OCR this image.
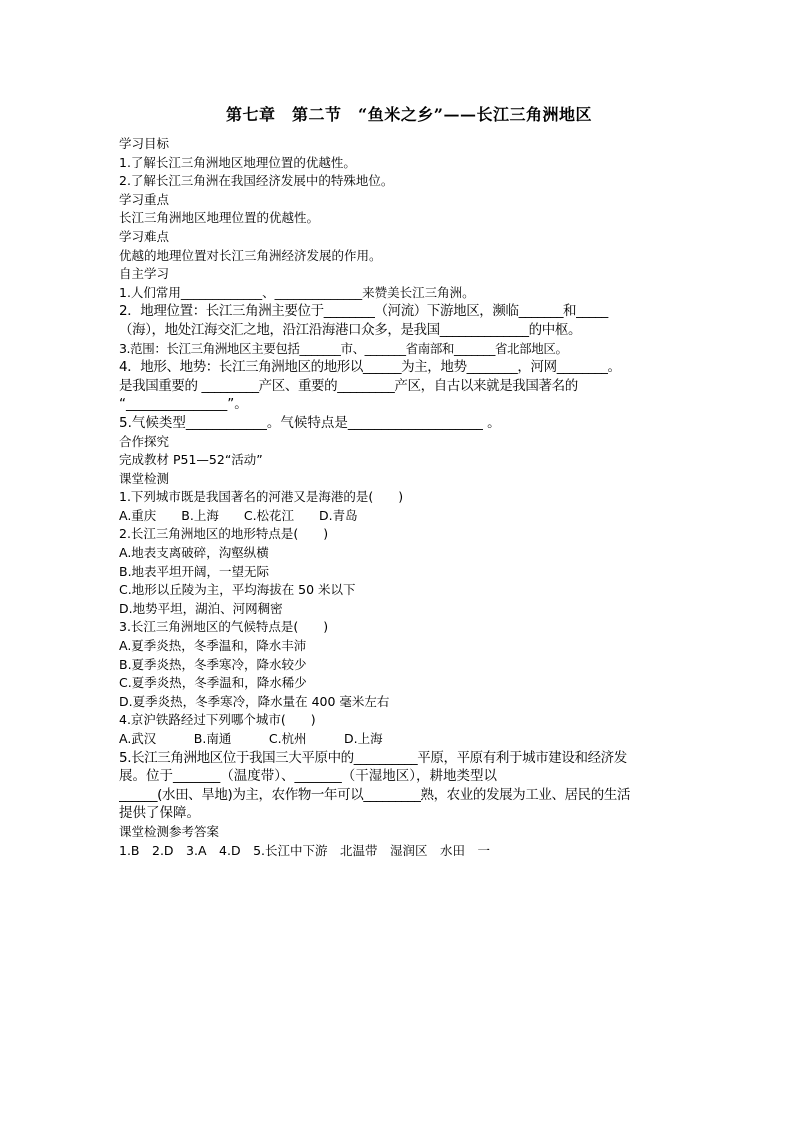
第七章　第二节　“鱼米之乡”——长江三角洲地区
学习目标
1.了解长江三角洲地区地理位置的优越性。
2.了解长江三角洲在我国经济发展中的特殊地位。
学习重点
长江三角洲地区地理位置的优越性。
学习难点
优越的地理位置对长江三角洲经济发展的作用。
自主学习
1.人们常用_____________、______________来赞美长江三角洲。
2．地理位置：长江三角洲主要位于________（河流）下游地区，濒临_______和_____
（海），地处江海交汇之地，沿江沿海港口众多，是我国______________的中枢。
3.范围：长江三角洲地区主要包括_______市、_______省南部和_______省北部地区。
4．地形、地势：长江三角洲地区的地形以______为主，地势________，河网________。
是我国重要的 _________产区、重要的_________产区，自古以来就是我国著名的
“_______________”。
5.气候类型____________。气候特点是____________________ 。
合作探究
完成教材 P51—52“活动”
课堂检测
1.下列城市既是我国著名的河港又是海港的是(　　)
A.重庆　　B.上海　　C.松花江　　D.青岛
2.长江三角洲地区的地形特点是(　　)
A.地表支离破碎，沟壑纵横
B.地表平坦开阔，一望无际
C.地形以丘陵为主，平均海拔在 50 米以下
D.地势平坦，湖泊、河网稠密
3.长江三角洲地区的气候特点是(　　)
A.夏季炎热，冬季温和，降水丰沛
B.夏季炎热，冬季寒冷，降水较少
C.夏季炎热，冬季温和，降水稀少
D.夏季炎热，冬季寒冷，降水量在 400 毫米左右
4.京沪铁路经过下列哪个城市(　　)
A.武汉　　　B.南通　　　C.杭州　　　D.上海
5.长江三角洲地区位于我国三大平原中的__________平原，平原有利于城市建设和经济发
展。位于_______（温度带）、_______（干湿地区），耕地类型以
______(水田、旱地)为主，农作物一年可以_________熟，农业的发展为工业、居民的生活
提供了保障。
课堂检测参考答案
1.B　2.D　3.A　4.D　5.长江中下游　北温带　湿润区　水田　一
